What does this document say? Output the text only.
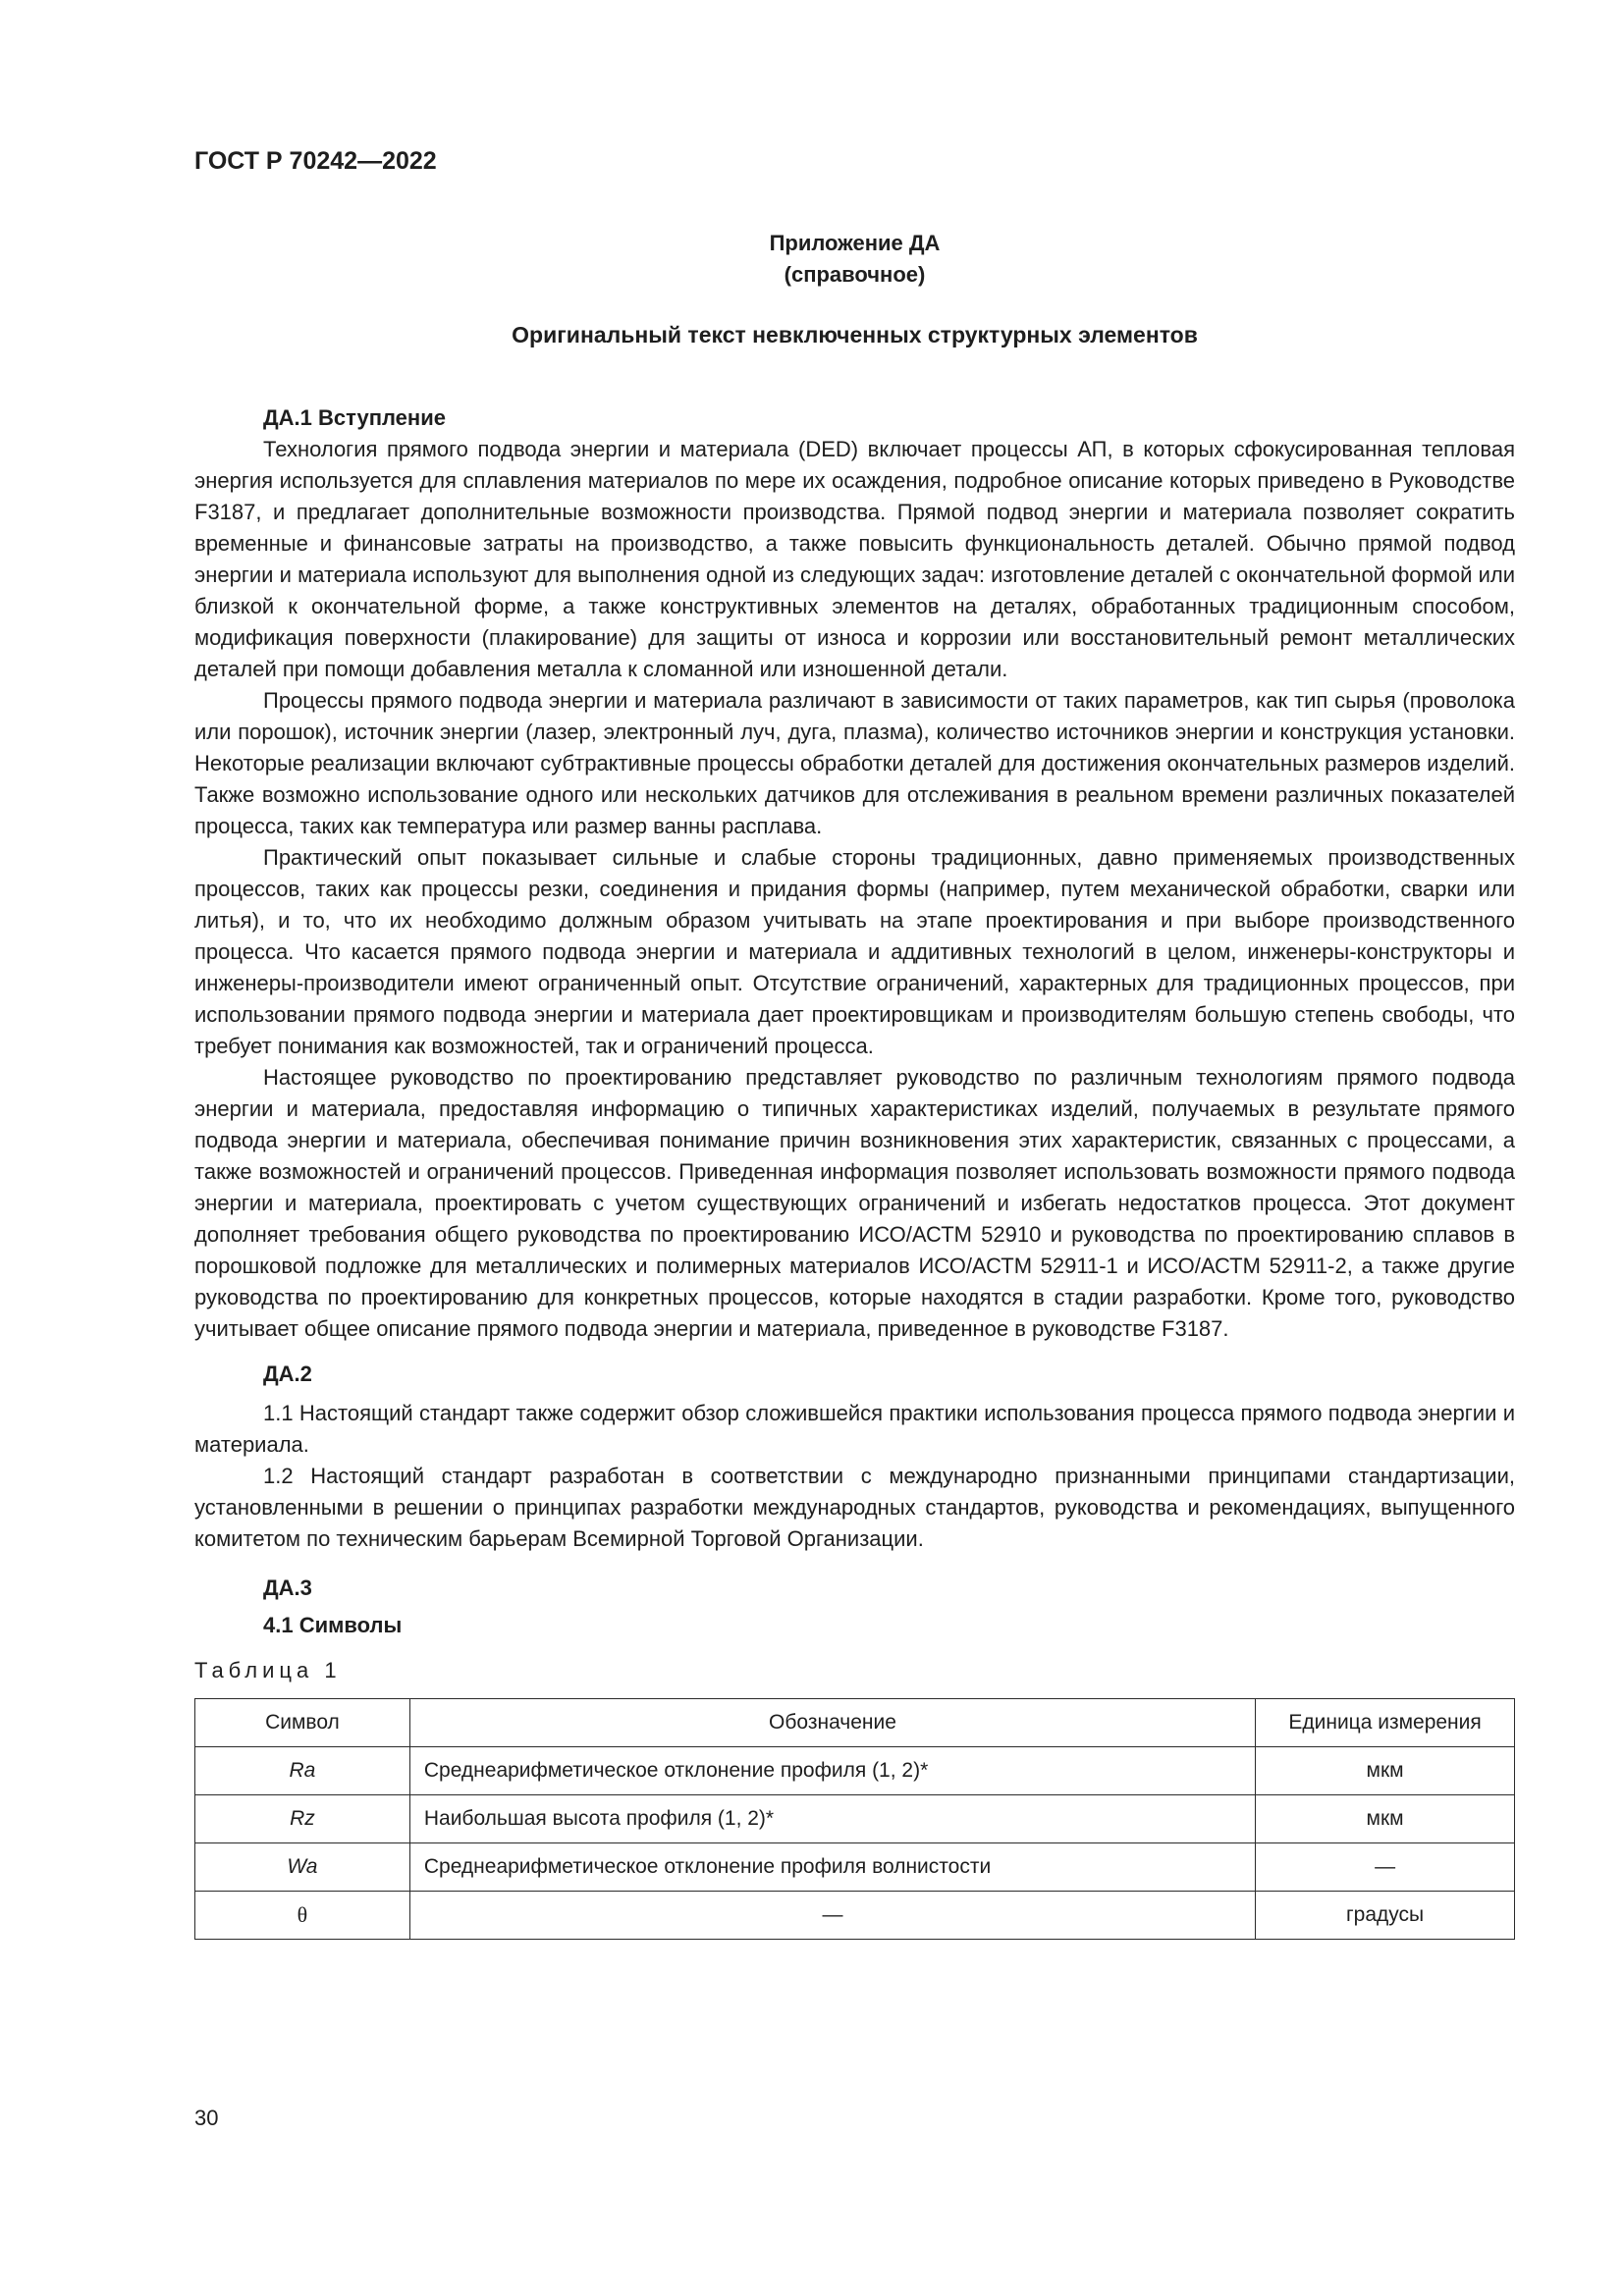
ГОСТ Р 70242—2022
Приложение ДА
(справочное)
Оригинальный текст невключенных структурных элементов
ДА.1 Вступление

Технология прямого подвода энергии и материала (DED) включает процессы АП, в которых сфокусированная тепловая энергия используется для сплавления материалов по мере их осаждения, подробное описание которых приведено в Руководстве F3187, и предлагает дополнительные возможности производства. Прямой подвод энергии и материала позволяет сократить временные и финансовые затраты на производство, а также повысить функциональность деталей. Обычно прямой подвод энергии и материала используют для выполнения одной из следующих задач: изготовление деталей с окончательной формой или близкой к окончательной форме, а также конструктивных элементов на деталях, обработанных традиционным способом, модификация поверхности (плакирование) для защиты от износа и коррозии или восстановительный ремонт металлических деталей при помощи добавления металла к сломанной или изношенной детали.

Процессы прямого подвода энергии и материала различают в зависимости от таких параметров, как тип сырья (проволока или порошок), источник энергии (лазер, электронный луч, дуга, плазма), количество источников энергии и конструкция установки. Некоторые реализации включают субтрактивные процессы обработки деталей для достижения окончательных размеров изделий. Также возможно использование одного или нескольких датчиков для отслеживания в реальном времени различных показателей процесса, таких как температура или размер ванны расплава.

Практический опыт показывает сильные и слабые стороны традиционных, давно применяемых производственных процессов, таких как процессы резки, соединения и придания формы (например, путем механической обработки, сварки или литья), и то, что их необходимо должным образом учитывать на этапе проектирования и при выборе производственного процесса. Что касается прямого подвода энергии и материала и аддитивных технологий в целом, инженеры-конструкторы и инженеры-производители имеют ограниченный опыт. Отсутствие ограничений, характерных для традиционных процессов, при использовании прямого подвода энергии и материала дает проектировщикам и производителям большую степень свободы, что требует понимания как возможностей, так и ограничений процесса.

Настоящее руководство по проектированию представляет руководство по различным технологиям прямого подвода энергии и материала, предоставляя информацию о типичных характеристиках изделий, получаемых в результате прямого подвода энергии и материала, обеспечивая понимание причин возникновения этих характеристик, связанных с процессами, а также возможностей и ограничений процессов. Приведенная информация позволяет использовать возможности прямого подвода энергии и материала, проектировать с учетом существующих ограничений и избегать недостатков процесса. Этот документ дополняет требования общего руководства по проектированию ИСО/АСТМ 52910 и руководства по проектированию сплавов в порошковой подложке для металлических и полимерных материалов ИСО/АСТМ 52911-1 и ИСО/АСТМ 52911-2, а также другие руководства по проектированию для конкретных процессов, которые находятся в стадии разработки. Кроме того, руководство учитывает общее описание прямого подвода энергии и материала, приведенное в руководстве F3187.

ДА.2

1.1 Настоящий стандарт также содержит обзор сложившейся практики использования процесса прямого подвода энергии и материала.

1.2 Настоящий стандарт разработан в соответствии с международно признанными принципами стандартизации, установленными в решении о принципах разработки международных стандартов, руководства и рекомендациях, выпущенного комитетом по техническим барьерам Всемирной Торговой Организации.

ДА.3
4.1 Символы
Таблица 1
Символ	Обозначение	Единица измерения
Ra	Среднеарифметическое отклонение профиля (1, 2)*	мкм
Rz	Наибольшая высота профиля (1, 2)*	мкм
Wa	Среднеарифметическое отклонение профиля волнистости	—
θ	—	градусы
30
